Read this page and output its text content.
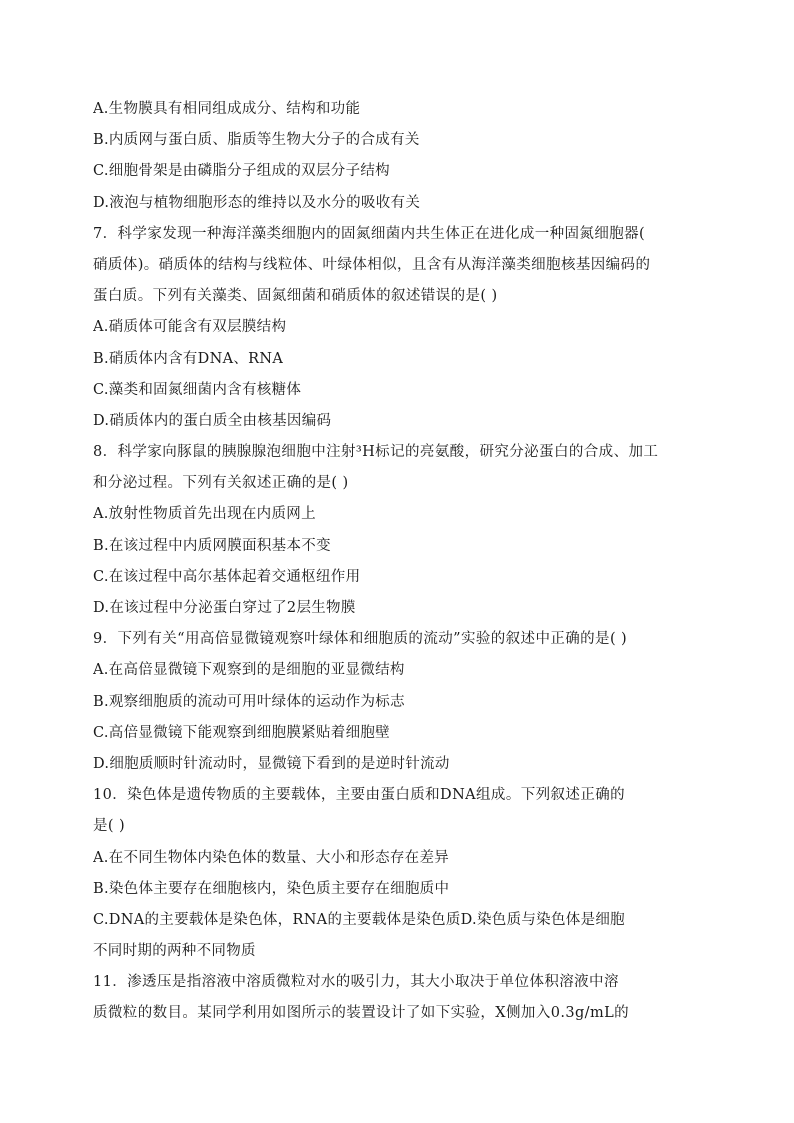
A.生物膜具有相同组成成分、结构和功能
B.内质网与蛋白质、脂质等生物大分子的合成有关
C.细胞骨架是由磷脂分子组成的双层分子结构
D.液泡与植物细胞形态的维持以及水分的吸收有关
7．科学家发现一种海洋藻类细胞内的固氮细菌内共生体正在进化成一种固氮细胞器(
硝质体)。硝质体的结构与线粒体、叶绿体相似，且含有从海洋藻类细胞核基因编码的
蛋白质。下列有关藻类、固氮细菌和硝质体的叙述错误的是( )
A.硝质体可能含有双层膜结构
B.硝质体内含有DNA、RNA
C.藻类和固氮细菌内含有核糖体
D.硝质体内的蛋白质全由核基因编码
8．科学家向豚鼠的胰腺腺泡细胞中注射³H标记的亮氨酸，研究分泌蛋白的合成、加工
和分泌过程。下列有关叙述正确的是( )
A.放射性物质首先出现在内质网上
B.在该过程中内质网膜面积基本不变
C.在该过程中高尔基体起着交通枢纽作用
D.在该过程中分泌蛋白穿过了2层生物膜
9．下列有关“用高倍显微镜观察叶绿体和细胞质的流动”实验的叙述中正确的是( )
A.在高倍显微镜下观察到的是细胞的亚显微结构
B.观察细胞质的流动可用叶绿体的运动作为标志
C.高倍显微镜下能观察到细胞膜紧贴着细胞壁
D.细胞质顺时针流动时，显微镜下看到的是逆时针流动
10．染色体是遗传物质的主要载体，主要由蛋白质和DNA组成。下列叙述正确的
是( )
A.在不同生物体内染色体的数量、大小和形态存在差异
B.染色体主要存在细胞核内，染色质主要存在细胞质中
C.DNA的主要载体是染色体，RNA的主要载体是染色质D.染色质与染色体是细胞
不同时期的两种不同物质
11．渗透压是指溶液中溶质微粒对水的吸引力，其大小取决于单位体积溶液中溶
质微粒的数目。某同学利用如图所示的装置设计了如下实验，X侧加入0.3g/mL的
